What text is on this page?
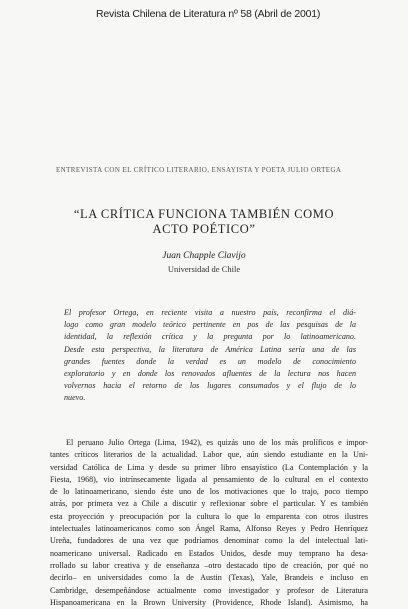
Revista Chilena de Literatura nº 58 (Abril de 2001)
ENTREVISTA CON EL CRÍTICO LITERARIO, ENSAYISTA Y POETA JULIO ORTEGA
“LA CRÍTICA FUNCIONA TAMBIÉN COMO
ACTO POÉTICO”
Juan Chapple Clavijo
Universidad de Chile
El profesor Ortega, en reciente visita a nuestro país, reconfirma el diá-
logo como gran modelo teórico pertinente en pos de las pesquisas de la
identidad, la reflexión crítica y la pregunta por lo latinoamericano.
Desde esta perspectiva, la literatura de América Latina sería una de las
grandes fuentes donde la verdad es un modelo de conocimiento
exploratorio y en donde los renovados afluentes de la lectura nos hacen
volvernos hacia el retorno de los lugares consumados y el flujo de lo
nuevo.
El peruano Julio Ortega (Lima, 1942), es quizás uno de los más prolíficos e impor-
tantes críticos literarios de la actualidad. Labor que, aún siendo estudiante en la Uni-
versidad Católica de Lima y desde su primer libro ensayístico (La Contemplación y la
Fiesta, 1968), vio intrínsecamente ligada al pensamiento de lo cultural en el contexto
de lo latinoamericano, siendo éste uno de los motivaciones que lo trajo, poco tiempo
atrás, por primera vez a Chile a discutir y reflexionar sobre el particular. Y es también
esta proyección y preocupación por la cultura lo que lo emparenta con otros ilustres
intelectuales latinoamericanos como son Ángel Rama, Alfonso Reyes y Pedro Henríquez
Ureña, fundadores de una vez que podríamos denominar como la del intelectual lati-
noamericano universal. Radicado en Estados Unidos, desde muy temprano ha desa-
rrollado su labor creativa y de enseñanza –otro destacado tipo de creación, por qué no
decirlo– en universidades como la de Austin (Texas), Yale, Brandeis e incluso en
Cambridge, desempeñándose actualmente como investigador y profesor de Literatura
Hispanoamericana en la Brown University (Providence, Rhode Island). Asimismo, ha
